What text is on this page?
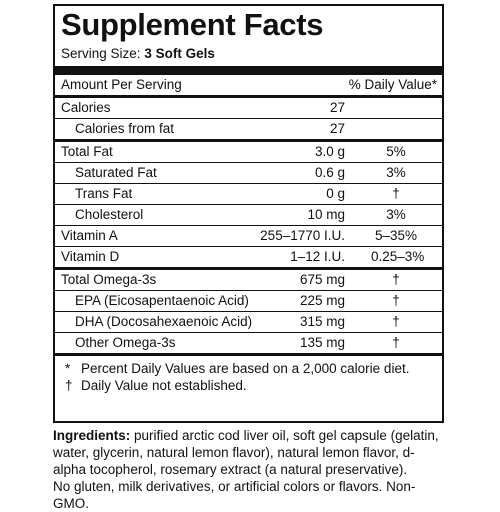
Supplement Facts
Serving Size: 3 Soft Gels
Amount Per Serving	% Daily Value*
Calories	27
Calories from fat	27
Total Fat	3.0 g	5%
Saturated Fat	0.6 g	3%
Trans Fat	0 g	†
Cholesterol	10 mg	3%
Vitamin A	255–1770 I.U. 5–35%
Vitamin D	1–12 I.U. 0.25–3%
Total Omega-3s	675 mg	†
EPA (Eicosapentaenoic Acid)	225 mg	†
DHA (Docosahexaenoic Acid)	315 mg	†
Other Omega-3s	135 mg	†
* Percent Daily Values are based on a 2,000 calorie diet.
† Daily Value not established.
Ingredients: purified arctic cod liver oil, soft gel capsule (gelatin, water, glycerin, natural lemon flavor), natural lemon flavor, d-alpha tocopherol, rosemary extract (a natural preservative).
No gluten, milk derivatives, or artificial colors or flavors. Non-GMO.
